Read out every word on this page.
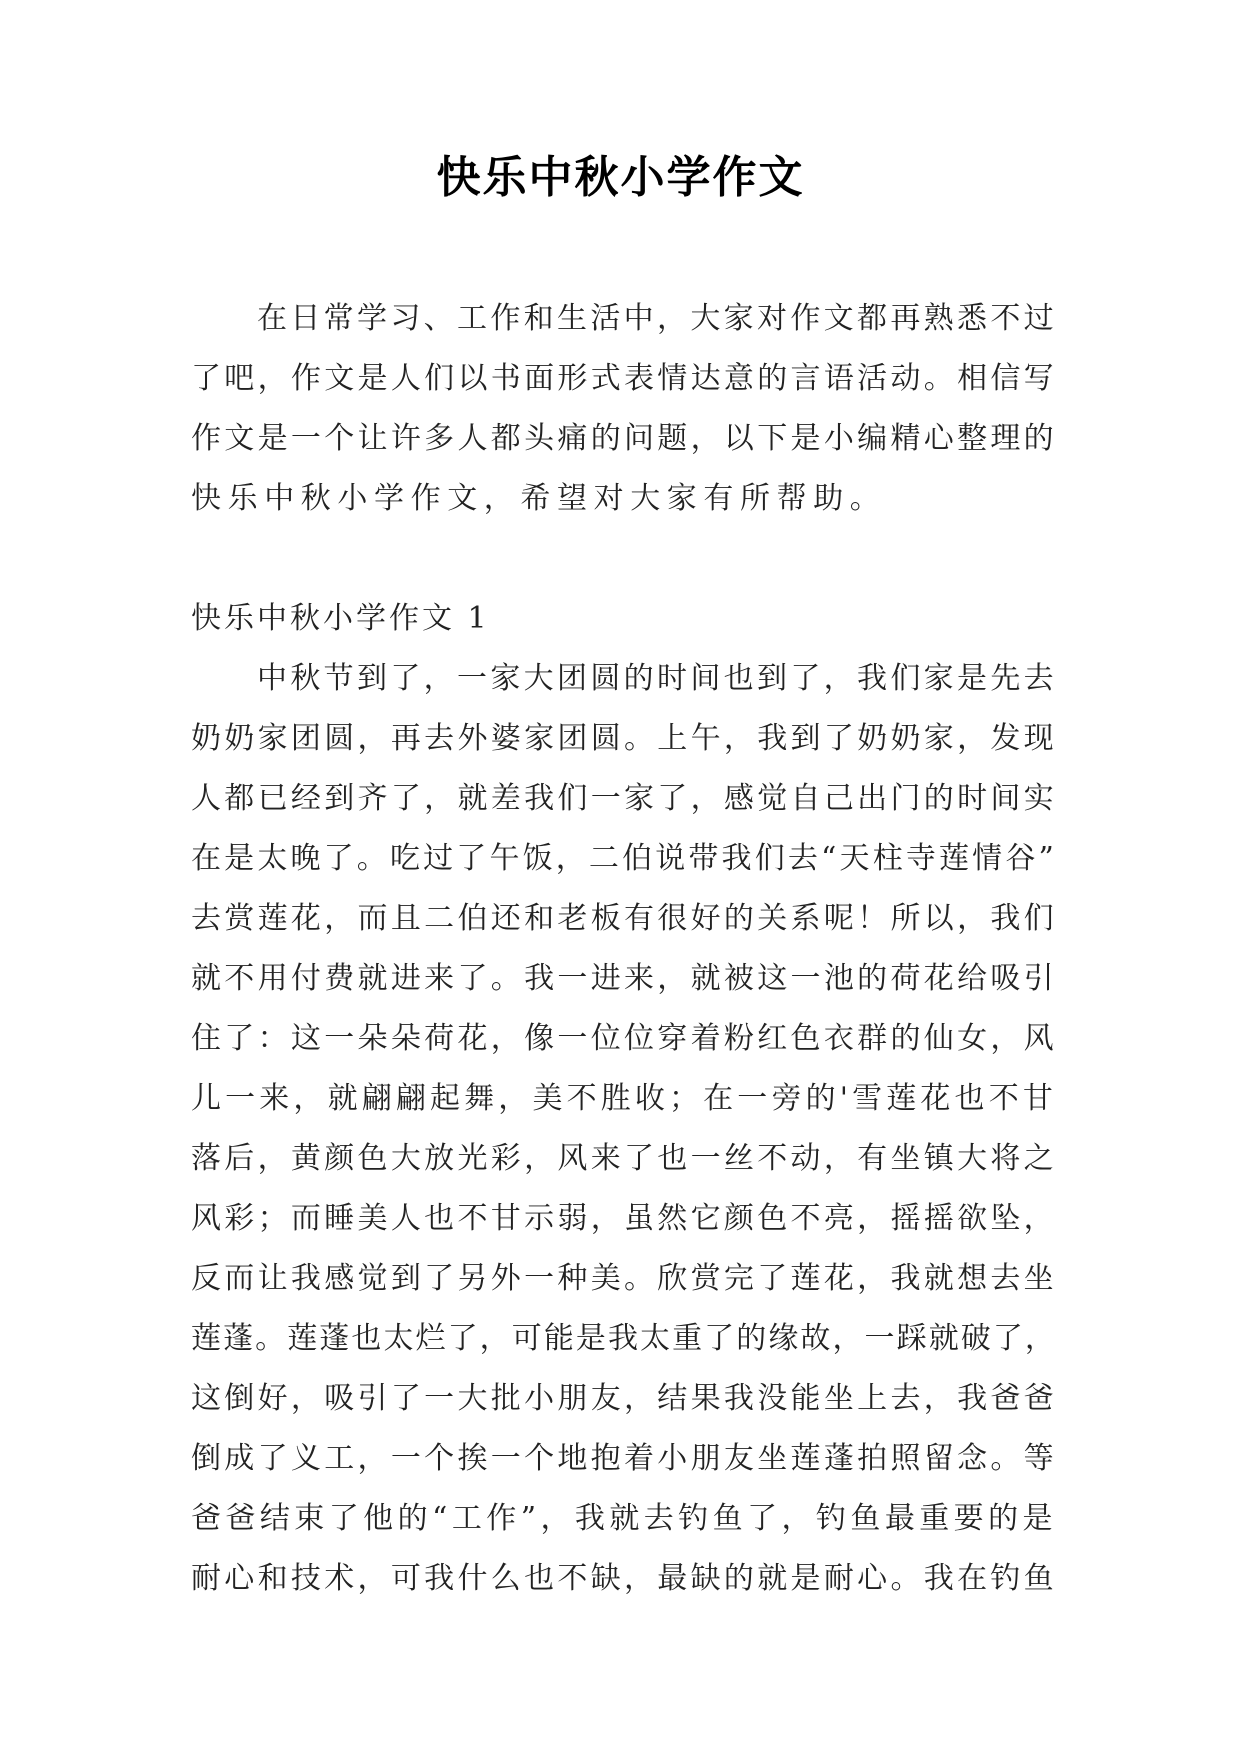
快乐中秋小学作文
在日常学习、工作和生活中，大家对作文都再熟悉不过
了吧，作文是人们以书面形式表情达意的言语活动。相信写
作文是一个让许多人都头痛的问题，以下是小编精心整理的
快乐中秋小学作文，希望对大家有所帮助。
快乐中秋小学作文 1
中秋节到了，一家大团圆的时间也到了，我们家是先去
奶奶家团圆，再去外婆家团圆。上午，我到了奶奶家，发现
人都已经到齐了，就差我们一家了，感觉自己出门的时间实
在是太晚了。吃过了午饭，二伯说带我们去“天柱寺莲情谷”
去赏莲花，而且二伯还和老板有很好的关系呢！所以，我们
就不用付费就进来了。我一进来，就被这一池的荷花给吸引
住了：这一朵朵荷花，像一位位穿着粉红色衣群的仙女，风
儿一来，就翩翩起舞，美不胜收；在一旁的'雪莲花也不甘
落后，黄颜色大放光彩，风来了也一丝不动，有坐镇大将之
风彩；而睡美人也不甘示弱，虽然它颜色不亮，摇摇欲坠，
反而让我感觉到了另外一种美。欣赏完了莲花，我就想去坐
莲蓬。莲蓬也太烂了，可能是我太重了的缘故，一踩就破了，
这倒好，吸引了一大批小朋友，结果我没能坐上去，我爸爸
倒成了义工，一个挨一个地抱着小朋友坐莲蓬拍照留念。等
爸爸结束了他的“工作”，我就去钓鱼了，钓鱼最重要的是
耐心和技术，可我什么也不缺，最缺的就是耐心。我在钓鱼
